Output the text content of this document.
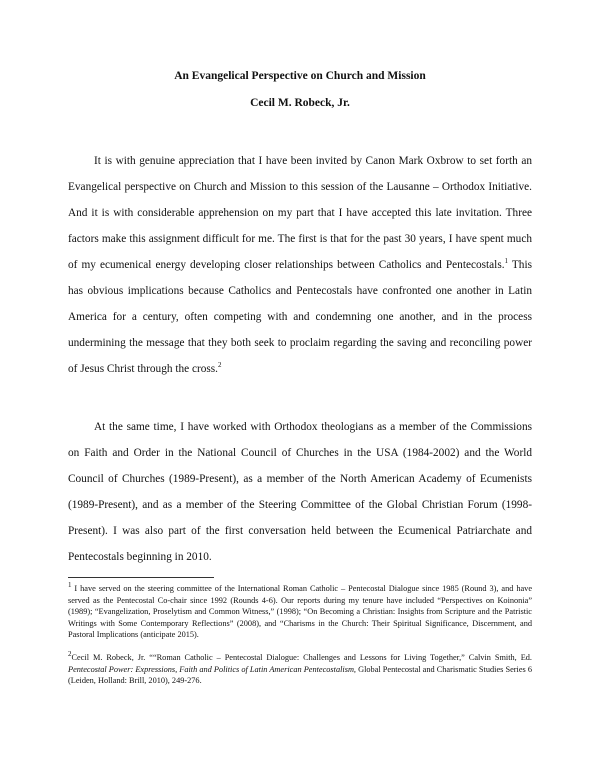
An Evangelical Perspective on Church and Mission
Cecil M. Robeck, Jr.

It is with genuine appreciation that I have been invited by Canon Mark Oxbrow to set forth an Evangelical perspective on Church and Mission to this session of the Lausanne – Orthodox Initiative. And it is with considerable apprehension on my part that I have accepted this late invitation. Three factors make this assignment difficult for me. The first is that for the past 30 years, I have spent much of my ecumenical energy developing closer relationships between Catholics and Pentecostals.$^1$ This has obvious implications because Catholics and Pentecostals have confronted one another in Latin America for a century, often competing with and condemning one another, and in the process undermining the message that they both seek to proclaim regarding the saving and reconciling power of Jesus Christ through the cross.$^2$

At the same time, I have worked with Orthodox theologians as a member of the Commissions on Faith and Order in the National Council of Churches in the USA (1984-2002) and the World Council of Churches (1989-Present), as a member of the North American Academy of Ecumenists (1989-Present), and as a member of the Steering Committee of the Global Christian Forum (1998-Present). I was also part of the first conversation held between the Ecumenical Patriarchate and Pentecostals beginning in 2010.

$^1$ I have served on the steering committee of the International Roman Catholic – Pentecostal Dialogue since 1985 (Round 3), and have served as the Pentecostal Co-chair since 1992 (Rounds 4-6). Our reports during my tenure have included “Perspectives on Koinonia” (1989); “Evangelization, Proselytism and Common Witness,” (1998); “On Becoming a Christian: Insights from Scripture and the Patristic Writings with Some Contemporary Reflections” (2008), and “Charisms in the Church: Their Spiritual Significance, Discernment, and Pastoral Implications (anticipate 2015).

$^2$Cecil M. Robeck, Jr. ““Roman Catholic – Pentecostal Dialogue: Challenges and Lessons for Living Together,” Calvin Smith, Ed. Pentecostal Power: Expressions, Faith and Politics of Latin American Pentecostalism, Global Pentecostal and Charismatic Studies Series 6 (Leiden, Holland: Brill, 2010), 249-276.
